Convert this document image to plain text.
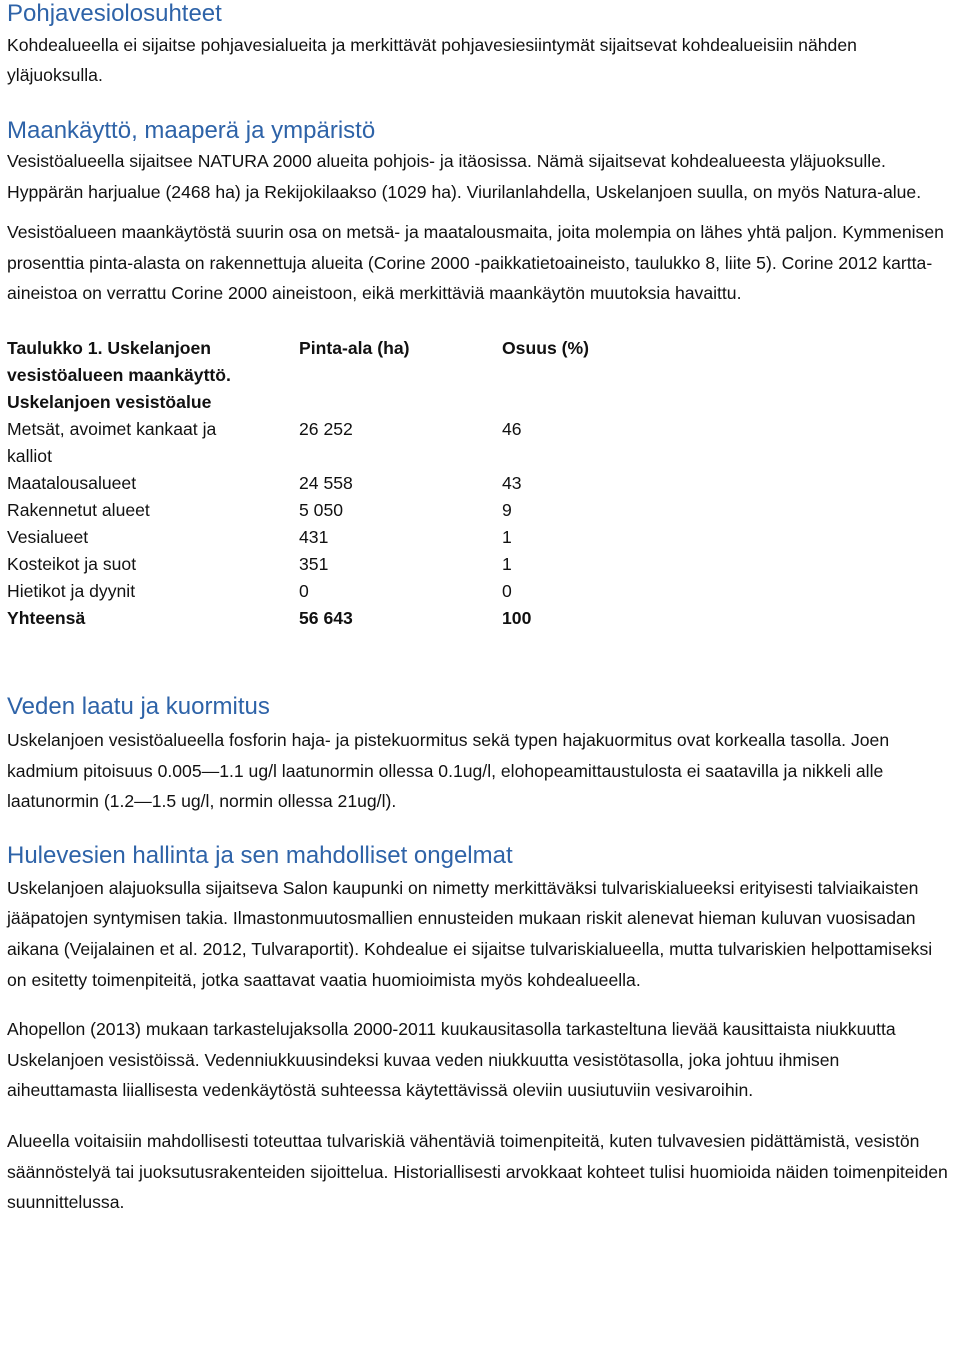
Pohjavesiolosuhteet

Kohdealueella ei sijaitse pohjavesialueita ja merkittävät pohjavesiesiintymät sijaitsevat kohdealueisiin nähden yläjuoksulla.

Maankäyttö, maaperä ja ympäristö

Vesistöalueella sijaitsee NATURA 2000 alueita pohjois- ja itäosissa. Nämä sijaitsevat kohdealueesta yläjuoksulle. Hyppärän harjualue (2468 ha) ja Rekijokilaakso (1029 ha). Viurilanlahdella, Uskelanjoen suulla, on myös Natura-alue.

Vesistöalueen maankäytöstä suurin osa on metsä- ja maatalousmaita, joita molempia on lähes yhtä paljon. Kymmenisen prosenttia pinta-alasta on rakennettuja alueita (Corine 2000 -paikkatietoaineisto, taulukko 8, liite 5). Corine 2012 kartta-aineistoa on verrattu Corine 2000 aineistoon, eikä merkittäviä maankäytön muutoksia havaittu.

Taulukko 1. Uskelanjoen vesistöalueen maankäyttö. Uskelanjoen vesistöalue	Pinta-ala (ha)	Osuus (%)

Metsät, avoimet kankaat ja kalliot	26 252	46
Maatalousalueet	24 558	43
Rakennetut alueet	5 050	9
Vesialueet	431	1
Kosteikot ja suot	351	1
Hietikot ja dyynit	0	0
Yhteensä	56 643	100
Veden laatu ja kuormitus

Uskelanjoen vesistöalueella fosforin haja- ja pistekuormitus sekä typen hajakuormitus ovat korkealla tasolla. Joen kadmium pitoisuus 0.005—1.1 ug/l laatunormin ollessa 0.1ug/l, elohopeamittaustulosta ei saatavilla ja nikkeli alle laatunormin (1.2—1.5 ug/l, normin ollessa 21ug/l).

Hulevesien hallinta ja sen mahdolliset ongelmat

Uskelanjoen alajuoksulla sijaitseva Salon kaupunki on nimetty merkittäväksi tulvariskialueeksi erityisesti talviaikaisten jääpatojen syntymisen takia. Ilmastonmuutosmallien ennusteiden mukaan riskit alenevat hieman kuluvan vuosisadan aikana (Veijalainen et al. 2012, Tulvaraportit). Kohdealue ei sijaitse tulvariskialueella, mutta tulvariskien helpottamiseksi on esitetty toimenpiteitä, jotka saattavat vaatia huomioimista myös kohdealueella.

Ahopellon (2013) mukaan tarkastelujaksolla 2000-2011 kuukausitasolla tarkasteltuna lievää kausittaista niukkuutta Uskelanjoen vesistöissä. Vedenniukkuusindeksi kuvaa veden niukkuutta vesistötasolla, joka johtuu ihmisen aiheuttamasta liiallisesta vedenkäytöstä suhteessa käytettävissä oleviin uusiutuviin vesivaroihin.

Alueella voitaisiin mahdollisesti toteuttaa tulvariskiä vähentäviä toimenpiteitä, kuten tulvavesien pidättämistä, vesistön säännöstelyä tai juoksutusrakenteiden sijoittelua. Historiallisesti arvokkaat kohteet tulisi huomioida näiden toimenpiteiden suunnittelussa.
